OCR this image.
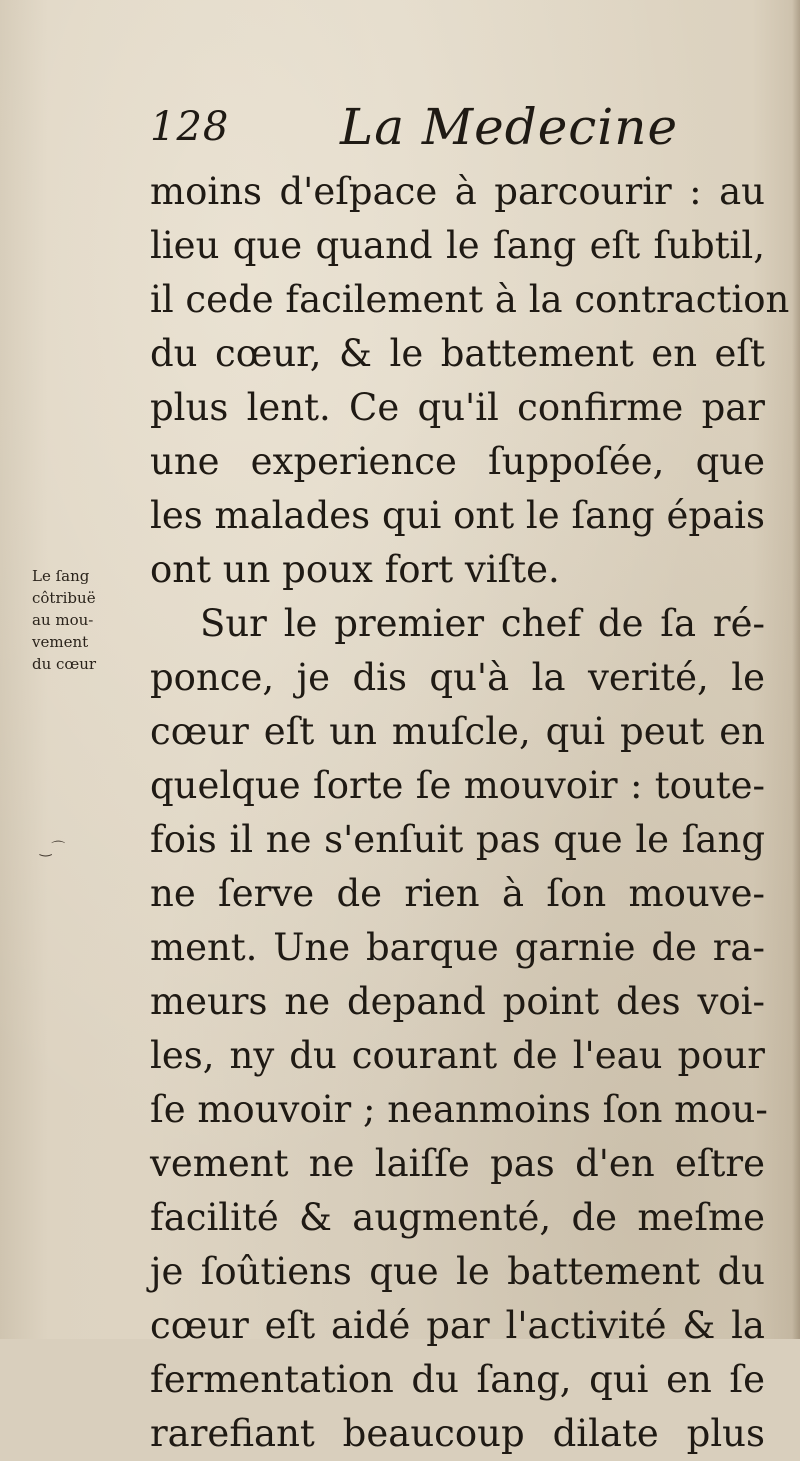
128 La Medecine
Le ſang
côtribuë
au mou-
vement
du cœur
moins d'eſpace à parcourir : au
lieu que quand le ſang eſt ſubtil,
il cede facilement à la contraction
du cœur, & le battement en eſt
plus lent. Ce qu'il confirme par
une experience ſuppoſée, que
les malades qui ont le ſang épais
ont un poux fort viſte.
Sur le premier chef de ſa ré-
ponce, je dis qu'à la verité, le
cœur eſt un muſcle, qui peut en
quelque ſorte ſe mouvoir : toute-
fois il ne s'enſuit pas que le ſang
ne ſerve de rien à ſon mouve-
ment. Une barque garnie de ra-
meurs ne depand point des voi-
les, ny du courant de l'eau pour
ſe mouvoir ; neanmoins ſon mou-
vement ne laiſſe pas d'en eſtre
facilité & augmenté, de meſme
je ſoûtiens que le battement du
cœur eſt aidé par l'activité & la
fermentation du ſang, qui en ſe
rarefiant beaucoup dilate plus
‿⌒
